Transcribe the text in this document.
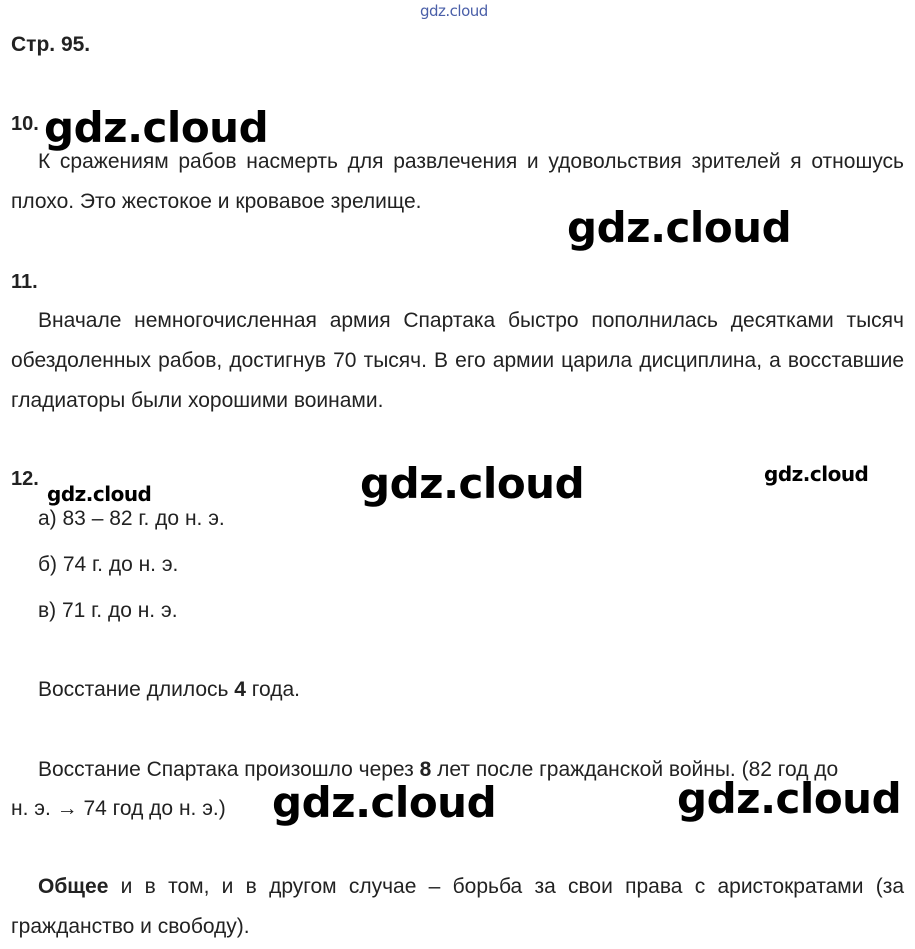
gdz.cloud
Стр. 95.
10. gdz.cloud
К сражениям рабов насмерть для развлечения и удовольствия зрителей я отношусь плохо. Это жестокое и кровавое зрелище.
gdz.cloud
11.
Вначале немногочисленная армия Спартака быстро пополнилась десятками тысяч обездоленных рабов, достигнув 70 тысяч. В его армии царила дисциплина, а восставшие гладиаторы были хорошими воинами.
12.
gdz.cloud	gdz.cloud	gdz.cloud
а) 83 – 82 г. до н. э.
б) 74 г. до н. э.
в) 71 г. до н. э.
Восстание длилось 4 года.
Восстание Спартака произошло через 8 лет после гражданской войны. (82 год до
н. э. → 74 год до н. э.) gdz.cloud	gdz.cloud
Общее и в том, и в другом случае – борьба за свои права с аристократами (за гражданство и свободу).
